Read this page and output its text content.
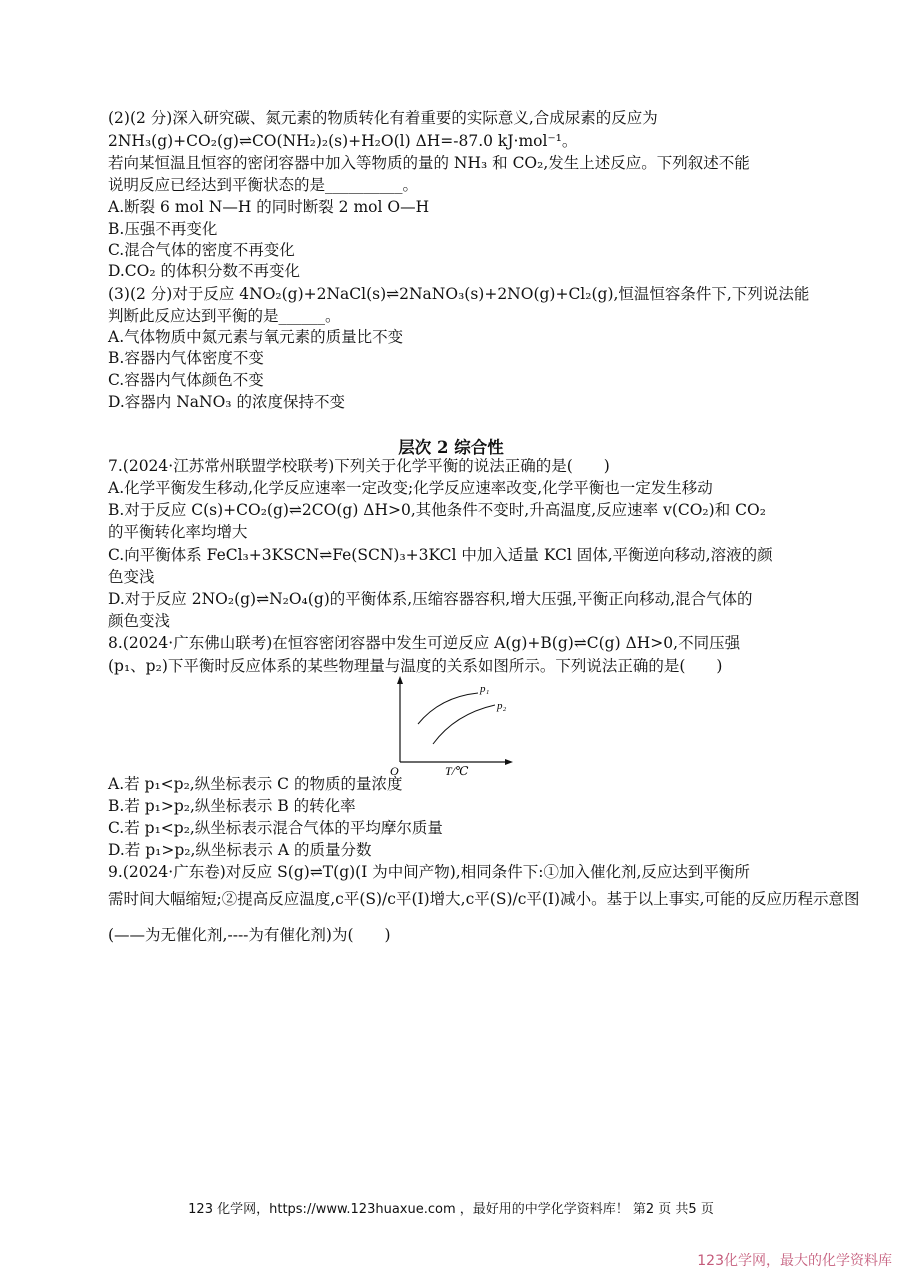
(2)(2 分)深入研究碳、氮元素的物质转化有着重要的实际意义,合成尿素的反应为
2NH₃(g)+CO₂(g)⇌CO(NH₂)₂(s)+H₂O(l) ΔH=-87.0 kJ·mol⁻¹。
若向某恒温且恒容的密闭容器中加入等物质的量的 NH₃ 和 CO₂,发生上述反应。下列叙述不能
说明反应已经达到平衡状态的是__________。
A.断裂 6 mol N—H 的同时断裂 2 mol O—H
B.压强不再变化
C.混合气体的密度不再变化
D.CO₂ 的体积分数不再变化
(3)(2 分)对于反应 4NO₂(g)+2NaCl(s)⇌2NaNO₃(s)+2NO(g)+Cl₂(g),恒温恒容条件下,下列说法能
判断此反应达到平衡的是______。
A.气体物质中氮元素与氧元素的质量比不变
B.容器内气体密度不变
C.容器内气体颜色不变
D.容器内 NaNO₃ 的浓度保持不变
层次 2 综合性
7.(2024·江苏常州联盟学校联考)下列关于化学平衡的说法正确的是(　　)
A.化学平衡发生移动,化学反应速率一定改变;化学反应速率改变,化学平衡也一定发生移动
B.对于反应 C(s)+CO₂(g)⇌2CO(g) ΔH>0,其他条件不变时,升高温度,反应速率 v(CO₂)和 CO₂
的平衡转化率均增大
C.向平衡体系 FeCl₃+3KSCN⇌Fe(SCN)₃+3KCl 中加入适量 KCl 固体,平衡逆向移动,溶液的颜
色变浅
D.对于反应 2NO₂(g)⇌N₂O₄(g)的平衡体系,压缩容器容积,增大压强,平衡正向移动,混合气体的
颜色变浅
8.(2024·广东佛山联考)在恒容密闭容器中发生可逆反应 A(g)+B(g)⇌C(g) ΔH>0,不同压强
(p₁、p₂)下平衡时反应体系的某些物理量与温度的关系如图所示。下列说法正确的是(　　)
O	T/℃
p₁
p₂
A.若 p₁<p₂,纵坐标表示 C 的物质的量浓度
B.若 p₁>p₂,纵坐标表示 B 的转化率
C.若 p₁<p₂,纵坐标表示混合气体的平均摩尔质量
D.若 p₁>p₂,纵坐标表示 A 的质量分数
9.(2024·广东卷)对反应 S(g)⇌T(g)(I 为中间产物),相同条件下:①加入催化剂,反应达到平衡所
需时间大幅缩短;②提高反应温度,c平(S)/c平(I)增大,c平(S)/c平(I)减小。基于以上事实,可能的反应历程示意图
(——为无催化剂,----为有催化剂)为(　　)
123 化学网，https://www.123huaxue.com ，最好用的中学化学资料库！ 第2 页 共5 页
123化学网，最大的化学资料库
